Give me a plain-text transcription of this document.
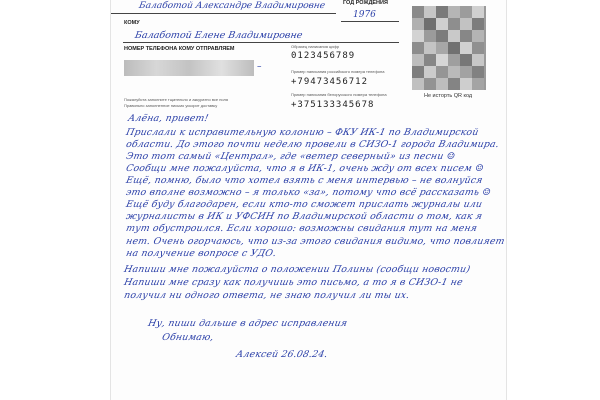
Балаботой Александре Владимировне	ГОД РОЖДЕНИЯ
1976
КОМУ
Балаботой Елене Владимировне
НОМЕР ТЕЛЕФОНА КОМУ ОТПРАВЛЯЕМ
–
Образец написания цифр
0123456789
Пример написания российского номера телефона
+79473456712
Пример написания белорусского номера телефона
+375133345678
Пожалуйста заполните тщательно и аккуратно все поля
Правильно заполненное письмо ускорит доставку
Алёна, привет!
Прислали к исправительную колонию – ФКУ ИК-1 по Владимирской
области. До этого почти неделю провели в СИЗО-1 города Владимира.
Это тот самый «Централ», где «ветер северный» из песни ☺
Сообщи мне пожалуйста, что я в ИК-1, очень жду от всех писем ☺
Ещё, помню, было что хотел взять с меня интервью – не волнуйся
это вполне возможно – я только «за», потому что всё рассказать ☺
Ещё буду благодарен, если кто-то сможет прислать журналы или
журналисты в ИК и УФСИН по Владимирской области о том, как я
тут обустроился. Если хорошо: возможны свидания тут на меня
нет. Очень огорчаюсь, что из-за этого свидания видимо, что повлияет
на получение вопросе с УДО.
Напиши мне пожалуйста о положении Полины (сообщи новости)
Напиши мне сразу как получишь это письмо, а то я в СИЗО-1 не
получил ни одного ответа, не знаю получил ли ты их.
Ну, пиши дальше в адрес исправления
Обнимаю,
Алексей 26.08.24.
Не исторть QR код
